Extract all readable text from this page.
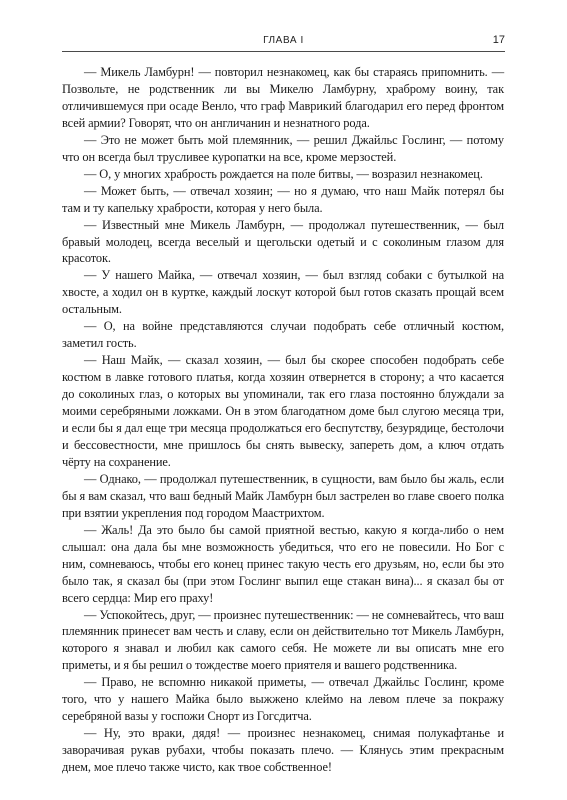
ГЛАВА I	17

— Микель Ламбурн! — повторил незнакомец, как бы стараясь припомнить. — Позвольте, не родственник ли вы Микелю Ламбурну, храброму воину, так отличившемуся при осаде Венло, что граф Маврикий благодарил его перед фронтом всей армии? Говорят, что он англичанин и незнатного рода.

— Это не может быть мой племянник, — решил Джайльс Гослинг, — потому что он всегда был трусливее куропатки на все, кроме мерзостей.

— О, у многих храбрость рождается на поле битвы, — возразил незнакомец.

— Может быть, — отвечал хозяин; — но я думаю, что наш Майк потерял бы там и ту капельку храбрости, которая у него была.

— Известный мне Микель Ламбурн, — продолжал путешественник, — был бравый молодец, всегда веселый и щегольски одетый и с соколиным глазом для красоток.

— У нашего Майка, — отвечал хозяин, — был взгляд собаки с бутылкой на хвосте, а ходил он в куртке, каждый лоскут которой был готов сказать прощай всем остальным.

— О, на войне представляются случаи подобрать себе отличный костюм, заметил гость.

— Наш Майк, — сказал хозяин, — был бы скорее способен подобрать себе костюм в лавке готового платья, когда хозяин отвернется в сторону; а что касается до соколиных глаз, о которых вы упоминали, так его глаза постоянно блуждали за моими серебряными ложками. Он в этом благодатном доме был слугою месяца три, и если бы я дал еще три месяца продолжаться его беспутству, безурядице, бестолочи и бессовестности, мне пришлось бы снять вывеску, запереть дом, а ключ отдать чёрту на сохранение.

— Однако, — продолжал путешественник, в сущности, вам было бы жаль, если бы я вам сказал, что ваш бедный Майк Ламбурн был застрелен во главе своего полка при взятии укрепления под городом Маастрихтом.

— Жаль! Да это было бы самой приятной вестью, какую я когда-либо о нем слышал: она дала бы мне возможность убедиться, что его не повесили. Но Бог с ним, сомневаюсь, чтобы его конец принес такую честь его друзьям, но, если бы это было так, я сказал бы (при этом Гослинг выпил еще стакан вина)... я сказал бы от всего сердца: Мир его праху!

— Успокойтесь, друг, — произнес путешественник: — не сомневайтесь, что ваш племянник принесет вам честь и славу, если он действительно тот Микель Ламбурн, которого я знавал и любил как самого себя. Не можете ли вы описать мне его приметы, и я бы решил о тождестве моего приятеля и вашего родственника.

— Право, не вспомню никакой приметы, — отвечал Джайльс Гослинг, кроме того, что у нашего Майка было выжжено клеймо на левом плече за покражу серебряной вазы у госпожи Снорт из Гогсдитча.

— Ну, это враки, дядя! — произнес незнакомец, снимая полукафтанье и заворачивая рукав рубахи, чтобы показать плечо. — Клянусь этим прекрасным днем, мое плечо также чисто, как твое собственное!
